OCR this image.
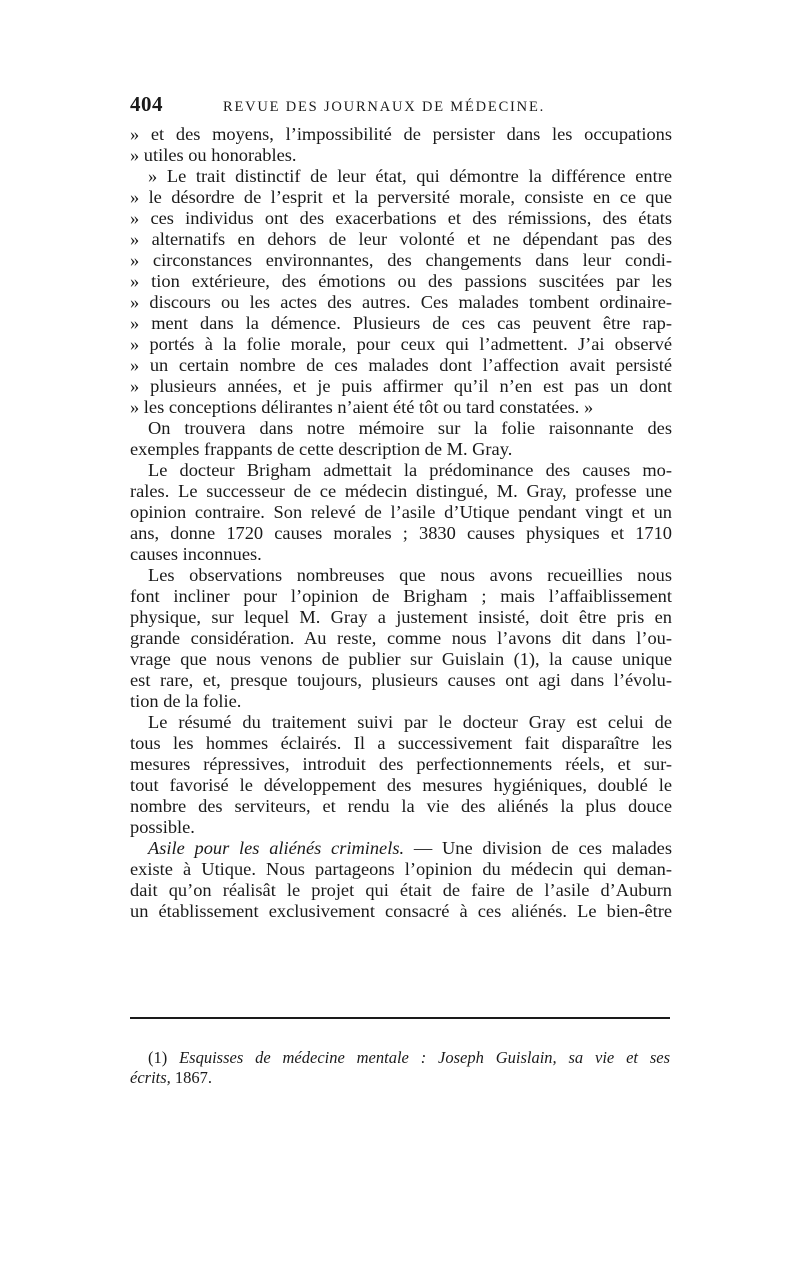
404	REVUE DES JOURNAUX DE MÉDECINE.
» et des moyens, l’impossibilité de persister dans les occupations
» utiles ou honorables.
» Le trait distinctif de leur état, qui démontre la différence entre
» le désordre de l’esprit et la perversité morale, consiste en ce que
» ces individus ont des exacerbations et des rémissions, des états
» alternatifs en dehors de leur volonté et ne dépendant pas des
» circonstances environnantes, des changements dans leur condi-
» tion extérieure, des émotions ou des passions suscitées par les
» discours ou les actes des autres. Ces malades tombent ordinaire-
» ment dans la démence. Plusieurs de ces cas peuvent être rap-
» portés à la folie morale, pour ceux qui l’admettent. J’ai observé
» un certain nombre de ces malades dont l’affection avait persisté
» plusieurs années, et je puis affirmer qu’il n’en est pas un dont
» les conceptions délirantes n’aient été tôt ou tard constatées. »
On trouvera dans notre mémoire sur la folie raisonnante des
exemples frappants de cette description de M. Gray.
Le docteur Brigham admettait la prédominance des causes mo-
rales. Le successeur de ce médecin distingué, M. Gray, professe une
opinion contraire. Son relevé de l’asile d’Utique pendant vingt et un
ans, donne 1720 causes morales ; 3830 causes physiques et 1710
causes inconnues.
Les observations nombreuses que nous avons recueillies nous
font incliner pour l’opinion de Brigham ; mais l’affaiblissement
physique, sur lequel M. Gray a justement insisté, doit être pris en
grande considération. Au reste, comme nous l’avons dit dans l’ou-
vrage que nous venons de publier sur Guislain (1), la cause unique
est rare, et, presque toujours, plusieurs causes ont agi dans l’évolu-
tion de la folie.
Le résumé du traitement suivi par le docteur Gray est celui de
tous les hommes éclairés. Il a successivement fait disparaître les
mesures répressives, introduit des perfectionnements réels, et sur-
tout favorisé le développement des mesures hygiéniques, doublé le
nombre des serviteurs, et rendu la vie des aliénés la plus douce
possible.
Asile pour les aliénés criminels. — Une division de ces malades
existe à Utique. Nous partageons l’opinion du médecin qui deman-
dait qu’on réalisât le projet qui était de faire de l’asile d’Auburn
un établissement exclusivement consacré à ces aliénés. Le bien-être
(1) Esquisses de médecine mentale : Joseph Guislain, sa vie et ses
écrits, 1867.
